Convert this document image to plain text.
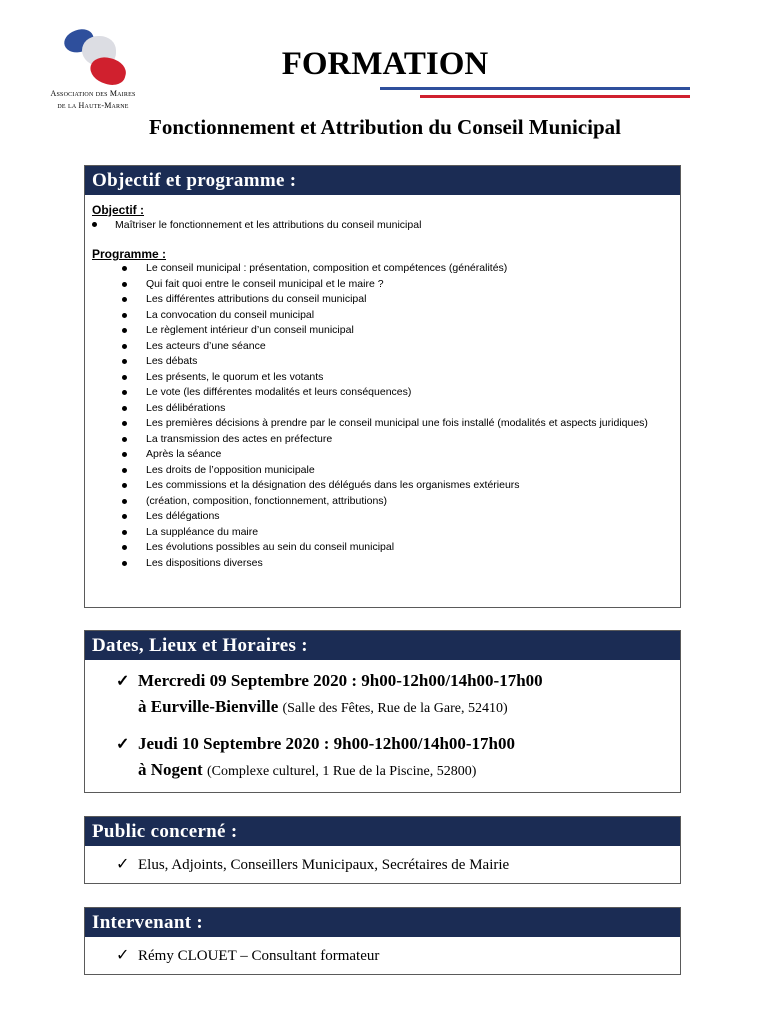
Association des Maires
de la Haute-Marne
FORMATION
Fonctionnement et Attribution du Conseil Municipal
Objectif et programme :
Objectif :
Maîtriser le fonctionnement et les attributions du conseil municipal
Programme :
Le conseil municipal : présentation, composition et compétences (généralités)
Qui fait quoi entre le conseil municipal et le maire ?
Les différentes attributions du conseil municipal
La convocation du conseil municipal
Le règlement intérieur d’un conseil municipal
Les acteurs d’une séance
Les débats
Les présents, le quorum et les votants
Le vote (les différentes modalités et leurs conséquences)
Les délibérations
Les premières décisions à prendre par le conseil municipal une fois installé (modalités et aspects juridiques)
La transmission des actes en préfecture
Après la séance
Les droits de l’opposition municipale
Les commissions et la désignation des délégués dans les organismes extérieurs
(création, composition, fonctionnement, attributions)
Les délégations
La suppléance du maire
Les évolutions possibles au sein du conseil municipal
Les dispositions diverses
Dates, Lieux et Horaires :
✓ Mercredi 09 Septembre 2020 : 9h00-12h00/14h00-17h00
à Eurville-Bienville (Salle des Fêtes, Rue de la Gare, 52410)
✓ Jeudi 10 Septembre 2020 : 9h00-12h00/14h00-17h00
à Nogent (Complexe culturel, 1 Rue de la Piscine, 52800)
Public concerné :
✓ Elus, Adjoints, Conseillers Municipaux, Secrétaires de Mairie
Intervenant :
✓ Rémy CLOUET – Consultant formateur
